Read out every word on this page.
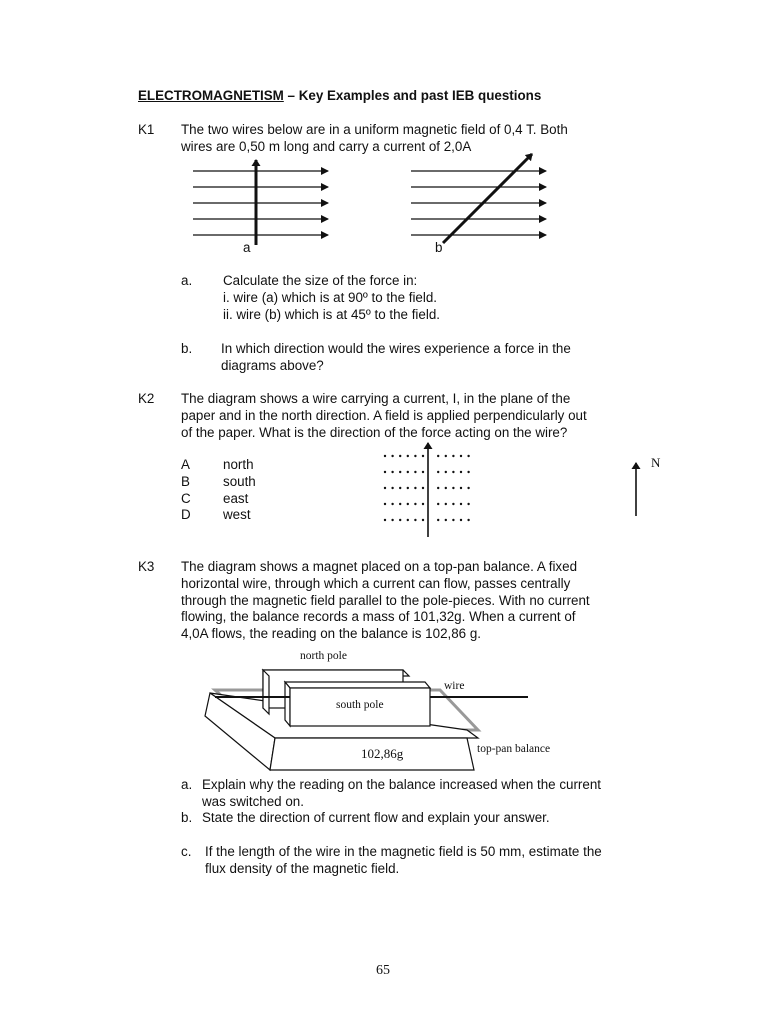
ELECTROMAGNETISM – Key Examples and past IEB questions
K1 The two wires below are in a uniform magnetic field of 0,4 T. Both
wires are 0,50 m long and carry a current of 2,0A
a	b
a. Calculate the size of the force in:
i. wire (a) which is at 90º to the field.
ii. wire (b) which is at 45º to the field.
b. In which direction would the wires experience a force in the
diagrams above?
K2 The diagram shows a wire carrying a current, I, in the plane of the
paper and in the north direction. A field is applied perpendicularly out
of the paper. What is the direction of the force acting on the wire?
A north
B south
C east
D west
N
K3 The diagram shows a magnet placed on a top-pan balance. A fixed
horizontal wire, through which a current can flow, passes centrally
through the magnetic field parallel to the pole-pieces. With no current
flowing, the balance records a mass of 101,32g. When a current of
4,0A flows, the reading on the balance is 102,86 g.
north pole
south pole
wire
102,86g	top-pan balance
a. Explain why the reading on the balance increased when the current
was switched on.
b. State the direction of current flow and explain your answer.
c. If the length of the wire in the magnetic field is 50 mm, estimate the
flux density of the magnetic field.
65
